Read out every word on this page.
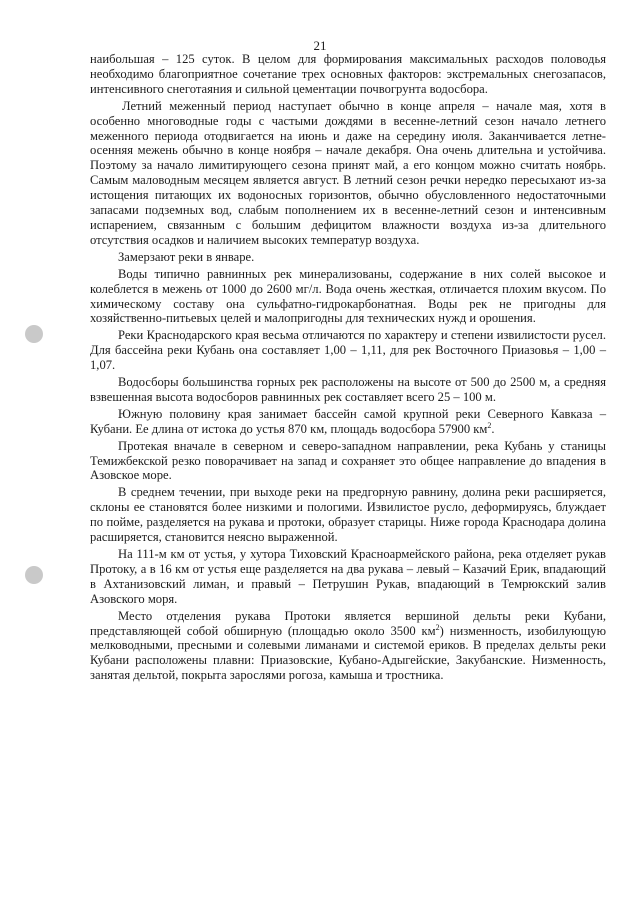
21

наибольшая – 125 суток. В целом для формирования максимальных расходов половодья необходимо благоприятное сочетание трех основных факторов: экстремальных снегозапасов, интенсивного снеготаяния и сильной цементации почвогрунта водосбора.

Летний меженный период наступает обычно в конце апреля – начале мая, хотя в особенно многоводные годы с частыми дождями в весенне-летний сезон начало летнего меженного периода отодвигается на июнь и даже на середину июля. Заканчивается летне-осенняя межень обычно в конце ноября – начале декабря. Она очень длительна и устойчива. Поэтому за начало лимитирующего сезона принят май, а его концом можно считать ноябрь. Самым маловодным месяцем является август. В летний сезон речки нередко пересыхают из-за истощения питающих их водоносных горизонтов, обычно обусловленного недостаточными запасами подземных вод, слабым пополнением их в весенне-летний сезон и интенсивным испарением, связанным с большим дефицитом влажности воздуха из-за длительного отсутствия осадков и наличием высоких температур воздуха.

Замерзают реки в январе.

Воды типично равнинных рек минерализованы, содержание в них солей высокое и колеблется в межень от 1000 до 2600 мг/л. Вода очень жесткая, отличается плохим вкусом. По химическому составу она сульфатно-гидрокарбонатная. Воды рек не пригодны для хозяйственно-питьевых целей и малопригодны для технических нужд и орошения.

Реки Краснодарского края весьма отличаются по характеру и степени извилистости русел. Для бассейна реки Кубань она составляет 1,00 – 1,11, для рек Восточного Приазовья – 1,00 – 1,07.

Водосборы большинства горных рек расположены на высоте от 500 до 2500 м, а средняя взвешенная высота водосборов равнинных рек составляет всего 25 – 100 м.

Южную половину края занимает бассейн самой крупной реки Северного Кавказа – Кубани. Ее длина от истока до устья 870 км, площадь водосбора 57900 $км^2$.

Протекая вначале в северном и северо-западном направлении, река Кубань у станицы Темижбекской резко поворачивает на запад и сохраняет это общее направление до впадения в Азовское море.

В среднем течении, при выходе реки на предгорную равнину, долина реки расширяется, склоны ее становятся более низкими и пологими. Извилистое русло, деформируясь, блуждает по пойме, разделяется на рукава и протоки, образует старицы. Ниже города Краснодара долина расширяется, становится неясно выраженной.

На 111-м км от устья, у хутора Тиховский Красноармейского района, река отделяет рукав Протоку, а в 16 км от устья еще разделяется на два рукава – левый – Казачий Ерик, впадающий в Ахтанизовский лиман, и правый – Петрушин Рукав, впадающий в Темрюкский залив Азовского моря.

Место отделения рукава Протоки является вершиной дельты реки Кубани, представляющей собой обширную (площадью около 3500 $км^2$) низменность, изобилующую мелководными, пресными и солевыми лиманами и системой ериков. В пределах дельты реки Кубани расположены плавни: Приазовские, Кубано-Адыгейские, Закубанские. Низменность, занятая дельтой, покрыта зарослями рогоза, камыша и тростника.
